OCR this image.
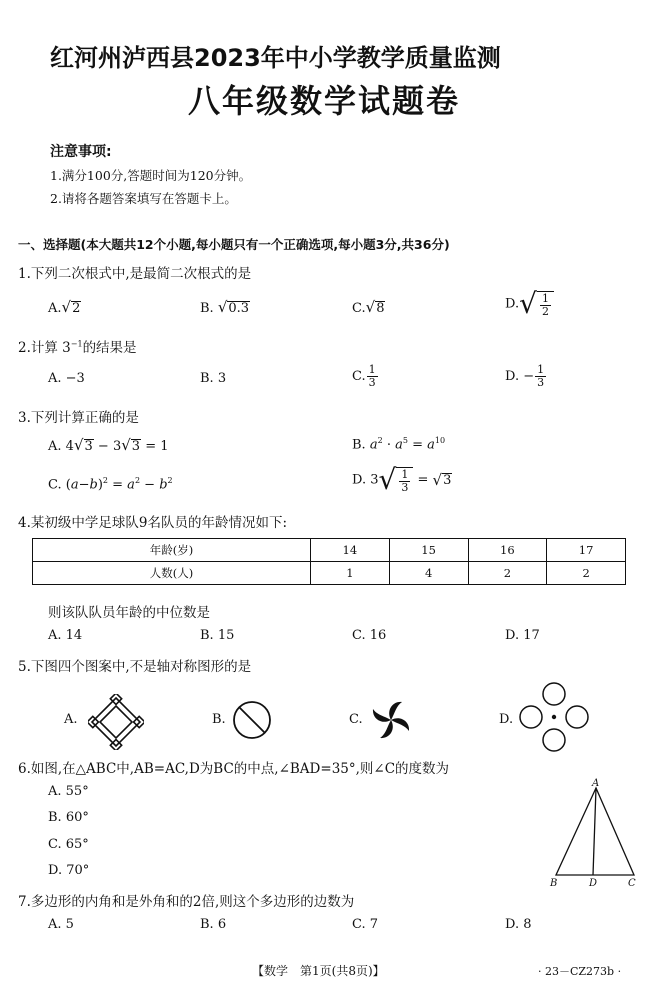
红河州泸西县2023年中小学教学质量监测
八年级数学试题卷
注意事项:
1.满分100分,答题时间为120分钟。
2.请将各题答案填写在答题卡上。
一、选择题(本大题共12个小题,每小题只有一个正确选项,每小题3分,共36分)
1.下列二次根式中,是最简二次根式的是
A.√2	B. √0.3	C.√8	$D.√ \frac{1}{2}$
2.计算 $3^{-1}$的结果是
A. −3	B. 3	C. $\frac{1}{3}$	D. − $\frac{1}{3}$
3.下列计算正确的是
A. 4√3 − 3√3 = 1	B. $a^2 \cdot a^5 = a^{10}$
C. $(a-b)^2 = a^2 - b^2$	D. $3√ \frac{1}{3} = √3$
4.某初级中学足球队9名队员的年龄情况如下:
年龄(岁)	14	15	16	17
人数(人)	1	4	2	2
则该队队员年龄的中位数是
A. 14	B. 15	C. 16	D. 17
5.下图四个图案中,不是轴对称图形的是
A.	B.	C.	D.
6.如图,在△ABC中,AB=AC,D为BC的中点,∠BAD=35°,则∠C的度数为
A. 55°
B. 60°
C. 65°
D. 70°
A
B	D	C
7.多边形的内角和是外角和的2倍,则这个多边形的边数为
A. 5	B. 6	C. 7	D. 8
【数学　第1页(共8页)】	· 23－CZ273b ·
